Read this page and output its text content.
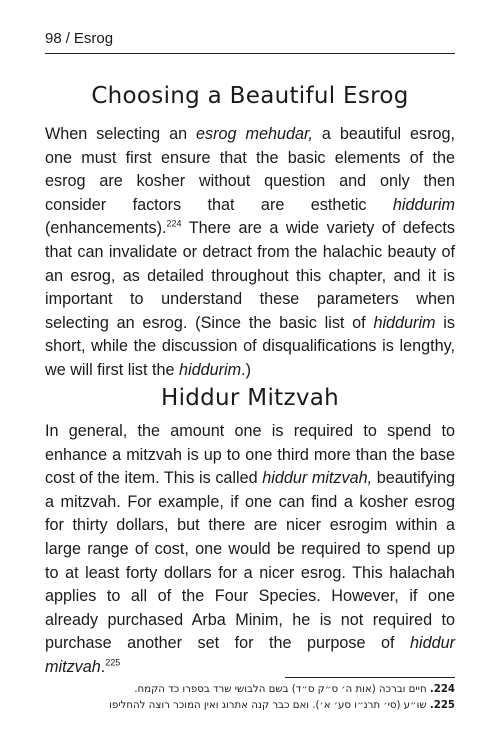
98 / Esrog
Choosing a Beautiful Esrog

When selecting an esrog mehudar, a beautiful esrog, one must first ensure that the basic elements of the esrog are kosher without question and only then consider factors that are esthetic hiddurim (enhancements).$^{224}$ There are a wide variety of defects that can invalidate or detract from the halachic beauty of an esrog, as detailed throughout this chapter, and it is important to understand these parameters when selecting an esrog. (Since the basic list of hiddurim is short, while the discussion of disqualifications is lengthy, we will first list the hiddurim.)

Hiddur Mitzvah

In general, the amount one is required to spend to enhance a mitzvah is up to one third more than the base cost of the item. This is called hiddur mitzvah, beautifying a mitzvah. For example, if one can find a kosher esrog for thirty dollars, but there are nicer esrogim within a large range of cost, one would be required to spend up to at least forty dollars for a nicer esrog. This halachah applies to all of the Four Species. However, if one already purchased Arba Minim, he is not required to purchase another set for the purpose of hiddur mitzvah.$^{225}$

224. חיים וברכה (אות ה׳ ס״ק ס״ד) בשם הלבושי שרד בספרו כד הקמח.
225. שו״ע (סי׳ תרנ״ו סע׳ א׳). ואם כבר קנה אתרוג ואין המוכר רוצה להחליפו
